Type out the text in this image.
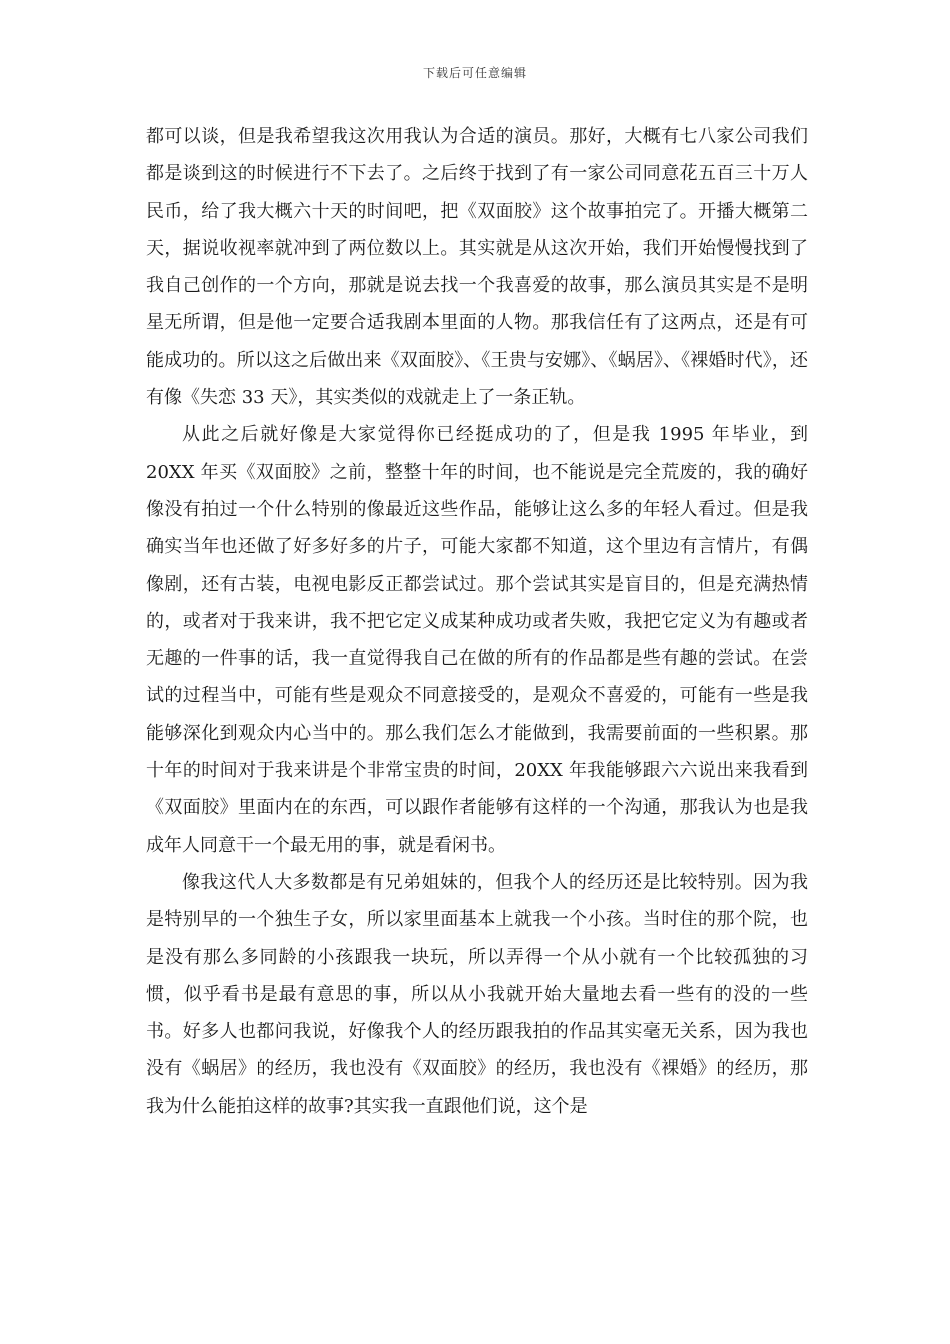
下载后可任意编辑

都可以谈，但是我希望我这次用我认为合适的演员。那好，大概有七八家公司我们都是谈到这的时候进行不下去了。之后终于找到了有一家公司同意花五百三十万人民币，给了我大概六十天的时间吧，把《双面胶》这个故事拍完了。开播大概第二天，据说收视率就冲到了两位数以上。其实就是从这次开始，我们开始慢慢找到了我自己创作的一个方向，那就是说去找一个我喜爱的故事，那么演员其实是不是明星无所谓，但是他一定要合适我剧本里面的人物。那我信任有了这两点，还是有可能成功的。所以这之后做出来《双面胶》、《王贵与安娜》、《蜗居》、《裸婚时代》，还有像《失恋 33 天》，其实类似的戏就走上了一条正轨。

从此之后就好像是大家觉得你已经挺成功的了，但是我 1995 年毕业，到 20XX 年买《双面胶》之前，整整十年的时间，也不能说是完全荒废的，我的确好像没有拍过一个什么特别的像最近这些作品，能够让这么多的年轻人看过。但是我确实当年也还做了好多好多的片子，可能大家都不知道，这个里边有言情片，有偶像剧，还有古装，电视电影反正都尝试过。那个尝试其实是盲目的，但是充满热情的，或者对于我来讲，我不把它定义成某种成功或者失败，我把它定义为有趣或者无趣的一件事的话，我一直觉得我自己在做的所有的作品都是些有趣的尝试。在尝试的过程当中，可能有些是观众不同意接受的，是观众不喜爱的，可能有一些是我能够深化到观众内心当中的。那么我们怎么才能做到，我需要前面的一些积累。那十年的时间对于我来讲是个非常宝贵的时间，20XX 年我能够跟六六说出来我看到《双面胶》里面内在的东西，可以跟作者能够有这样的一个沟通，那我认为也是我成年人同意干一个最无用的事，就是看闲书。

像我这代人大多数都是有兄弟姐妹的，但我个人的经历还是比较特别。因为我是特别早的一个独生子女，所以家里面基本上就我一个小孩。当时住的那个院，也是没有那么多同龄的小孩跟我一块玩，所以弄得一个从小就有一个比较孤独的习惯，似乎看书是最有意思的事，所以从小我就开始大量地去看一些有的没的一些书。好多人也都问我说，好像我个人的经历跟我拍的作品其实毫无关系，因为我也没有《蜗居》的经历，我也没有《双面胶》的经历，我也没有《裸婚》的经历，那我为什么能拍这样的故事?其实我一直跟他们说，这个是
